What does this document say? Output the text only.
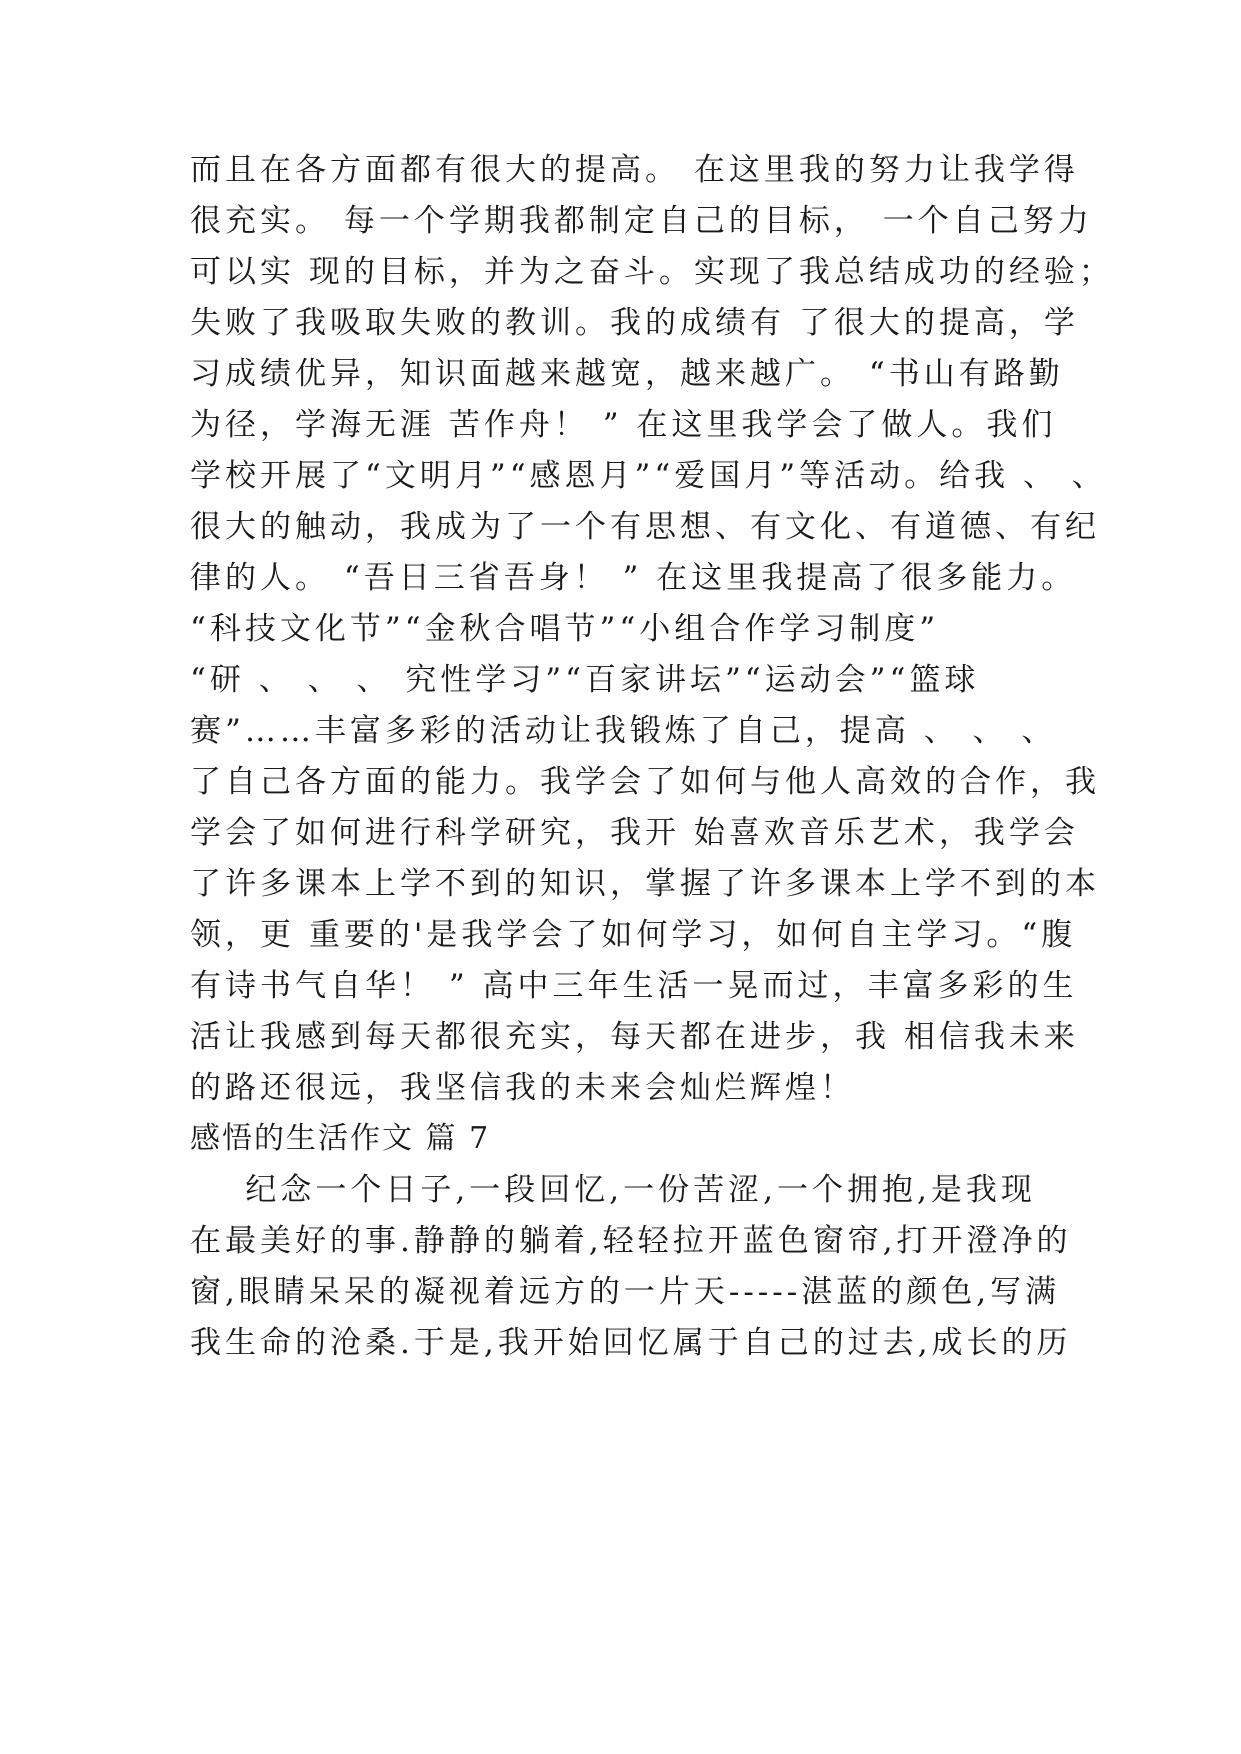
而且在各方面都有很大的提高。 在这里我的努力让我学得
很充实。 每一个学期我都制定自己的目标， 一个自己努力
可以实 现的目标，并为之奋斗。实现了我总结成功的经验；
失败了我吸取失败的教训。我的成绩有 了很大的提高，学
习成绩优异，知识面越来越宽，越来越广。 “书山有路勤
为径，学海无涯 苦作舟！ ” 在这里我学会了做人。我们
学校开展了“文明月”“感恩月”“爱国月”等活动。给我 、 、
很大的触动，我成为了一个有思想、有文化、有道德、有纪
律的人。 “吾日三省吾身！ ” 在这里我提高了很多能力。
“科技文化节”“金秋合唱节”“小组合作学习制度”
“研 、 、 、 究性学习”“百家讲坛”“运动会”“篮球
赛”……丰富多彩的活动让我锻炼了自己，提高 、 、 、
了自己各方面的能力。我学会了如何与他人高效的合作，我
学会了如何进行科学研究，我开 始喜欢音乐艺术，我学会
了许多课本上学不到的知识，掌握了许多课本上学不到的本
领，更 重要的'是我学会了如何学习，如何自主学习。“腹
有诗书气自华！ ” 高中三年生活一晃而过，丰富多彩的生
活让我感到每天都很充实，每天都在进步，我 相信我未来
的路还很远，我坚信我的未来会灿烂辉煌！
感悟的生活作文 篇 7
纪念一个日子,一段回忆,一份苦涩,一个拥抱,是我现
在最美好的事.静静的躺着,轻轻拉开蓝色窗帘,打开澄净的
窗,眼睛呆呆的凝视着远方的一片天-----湛蓝的颜色,写满
我生命的沧桑.于是,我开始回忆属于自己的过去,成长的历
